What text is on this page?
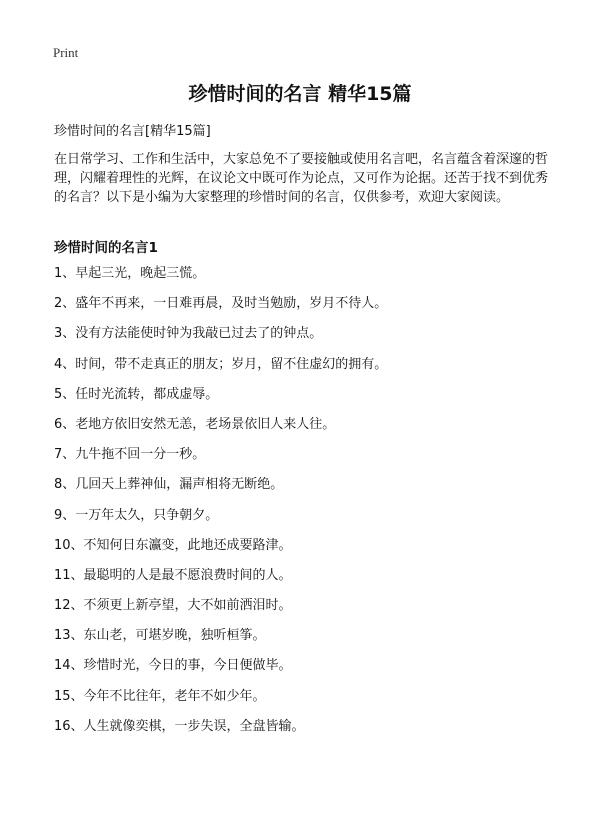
Print
珍惜时间的名言 精华15篇
珍惜时间的名言[精华15篇]
在日常学习、工作和生活中，大家总免不了要接触或使用名言吧，名言蕴含着深邃的哲理，闪耀着理性的光辉，在议论文中既可作为论点，又可作为论据。还苦于找不到优秀的名言？以下是小编为大家整理的珍惜时间的名言，仅供参考，欢迎大家阅读。
珍惜时间的名言1
1、早起三光，晚起三慌。
2、盛年不再来，一日难再晨，及时当勉励，岁月不待人。
3、没有方法能使时钟为我敲已过去了的钟点。
4、时间，带不走真正的朋友；岁月，留不住虚幻的拥有。
5、任时光流转，都成虚辱。
6、老地方依旧安然无恙，老场景依旧人来人往。
7、九牛拖不回一分一秒。
8、几回天上葬神仙，漏声相将无断绝。
9、一万年太久，只争朝夕。
10、不知何日东瀛变，此地还成要路津。
11、最聪明的人是最不愿浪费时间的人。
12、不须更上新亭望，大不如前洒泪时。
13、东山老，可堪岁晚，独听桓筝。
14、珍惜时光，今日的事，今日便做毕。
15、今年不比往年，老年不如少年。
16、人生就像奕棋，一步失误，全盘皆输。
